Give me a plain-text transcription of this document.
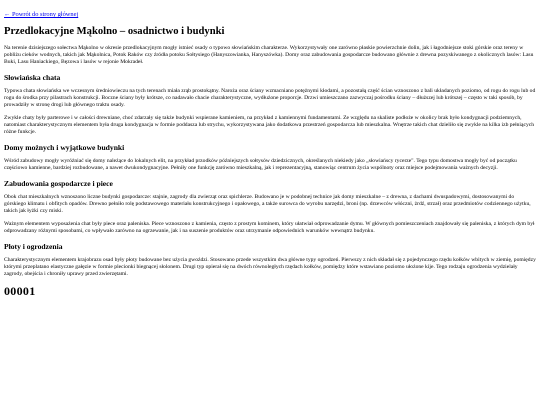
← Powrót do strony głównej
Przedlokacyjne Mąkolno – osadnictwo i budynki

Na terenie dzisiejszego sołectwa Mąkolno w okresie przedlokacyjnym mogły istnieć osady o typowo słowiańskim charakterze. Wykorzystywały one zarówno płaskie powierzchnie dolin, jak i łagodniejsze stoki górskie oraz tereny w pobliżu cieków wodnych, takich jak Mąkolnica, Potok Raków czy źródła potoku Sołtysiego (Hanyszowianka, Hanyszówka). Domy oraz zabudowania gospodarcze budowano głównie z drewna pozyskiwanego z okolicznych lasów: Lasu Buki, Lasu Haniackiego, Bęzowa i lasów w rejonie Mokradeł.

Słowiańska chata

Typowa chata słowiańska we wczesnym średniowieczu na tych terenach miała zrąb prostokątny. Naroża oraz ściany wzmacniano potężnymi kłodami, a pozostałą część ścian wznoszono z bali układanych poziomo, od rogu do rogu lub od rogu do środka przy pilastrach konstrukcji. Boczne ściany były krótsze, co nadawało chacie charakterystyczne, wydłużone proporcje. Drzwi umieszczano zazwyczaj pośrodku ściany – dłuższej lub krótszej – często w taki sposób, by prowadziły w stronę drogi lub głównego traktu osady.

Zwykle chaty były parterowe i w całości drewniane, choć zdarzały się także budynki wspierane kamieniem, na przykład z kamiennymi fundamentami. Ze względu na skaliste podłoże w okolicy brak było kondygnacji podziemnych, natomiast charakterystycznym elementem była druga kondygnacja w formie poddasza lub strychu, wykorzystywana jako dodatkowa przestrzeń gospodarcza lub mieszkalna. Wnętrze takich chat dzieliło się zwykle na kilka izb pełniących różne funkcje.

Domy możnych i wyjątkowe budynki

Wśród zabudowy mogły wyróżniać się domy należące do lokalnych elit, na przykład przodków późniejszych sołtysów dziedzicznych, określanych niekiedy jako „słowiańscy rycerze". Tego typu domostwa mogły być od początku częściowo kamienne, bardziej rozbudowane, a nawet dwukondygnacyjne. Pełniły one funkcję zarówno mieszkalną, jak i reprezentacyjną, stanowiąc centrum życia wspólnoty oraz miejsce podejmowania ważnych decyzji.

Zabudowania gospodarcze i piece

Obok chat mieszkalnych wznoszono liczne budynki gospodarcze: stajnie, zagrody dla zwierząt oraz spichlerze. Budowano je w podobnej technice jak domy mieszkalne – z drewna, z dachami dwuspadowymi, dostosowanymi do górskiego klimatu i obfitych opadów. Drewno pełniło rolę podstawowego materiału konstrukcyjnego i opałowego, a także surowca do wyrobu narzędzi, broni (np. drzewców włóczni, żrdź, strzał) oraz przedmiotów codziennego użytku, takich jak łyżki czy miski.

Ważnym elementem wyposażenia chat były piece oraz paleniska. Piece wznoszono z kamienia, często z prostym kominem, który ułatwiał odprowadzanie dymu. W głównych pomieszczeniach znajdowały się paleniska, z których dym był odprowadzany różnymi sposobami, co wpływało zarówno na ogrzewanie, jak i na suszenie produktów oraz utrzymanie odpowiednich warunków wewnątrz budynku.

Płoty i ogrodzenia

Charakterystycznym elementem krajobrazu osad były płoty budowane bez użycia gwoździ. Stosowano przede wszystkim dwa główne typy ogrodzeń. Pierwszy z nich składał się z pojedynczego rzędu kołków wbitych w ziemię, pomiędzy którymi przeplatano elastyczne gałęzie w formie plecionki biegnącej słolonem. Drugi typ opierał się na dwóch równoległych rzędach kołków, pomiędzy które wstawiano poziomo ułożone kije. Tego rodzaju ogrodzenia wydzielały zagrody, obejścia i chroniły uprawy przed zwierzętami.

00001
